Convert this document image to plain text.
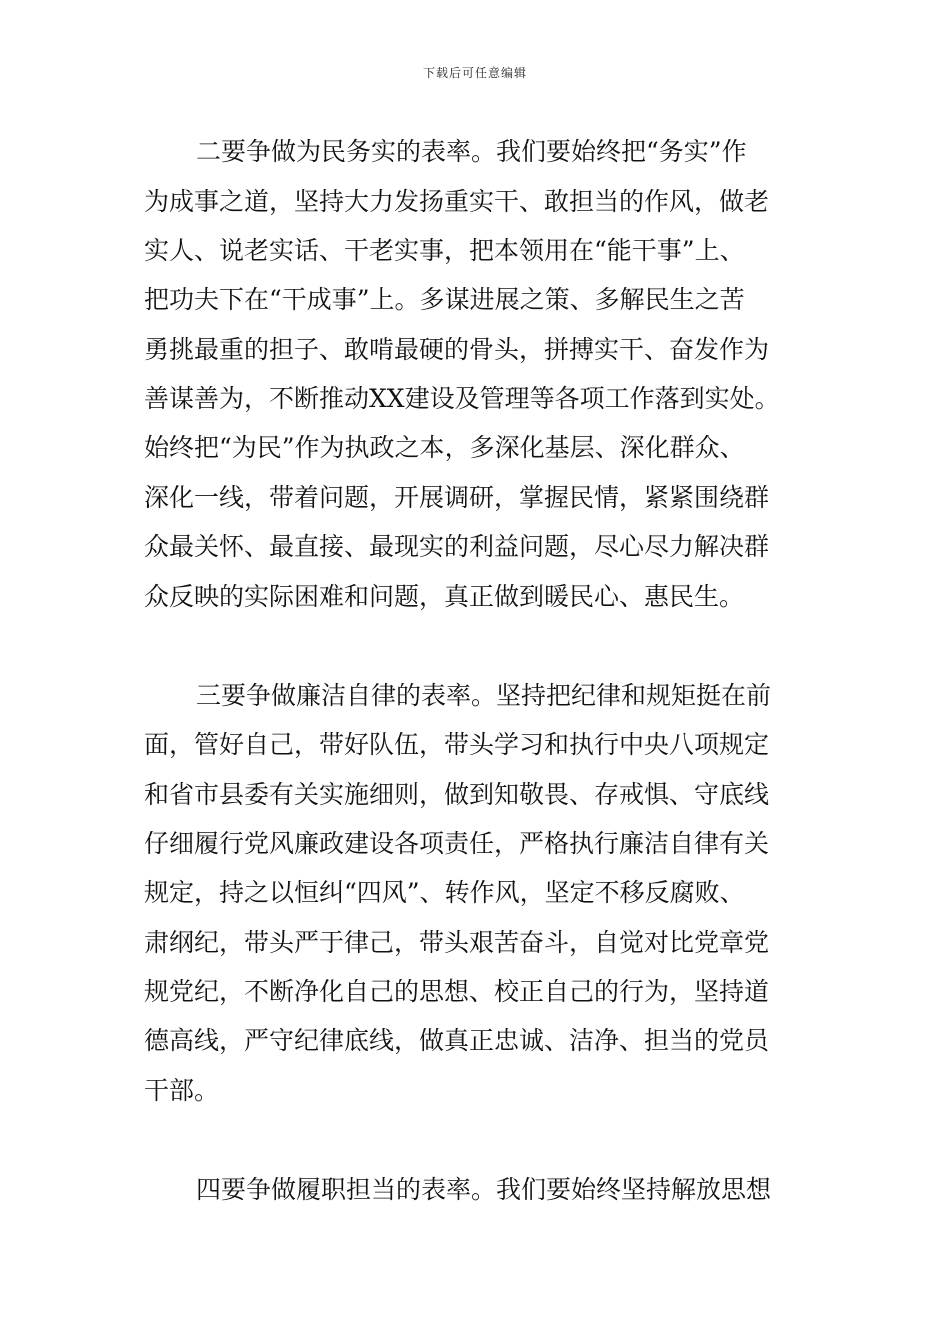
下载后可任意编辑
二要争做为民务实的表率。我们要始终把“务实”作
为成事之道，坚持大力发扬重实干、敢担当的作风，做老
实人、说老实话、干老实事，把本领用在“能干事”上、
把功夫下在“干成事”上。多谋进展之策、多解民生之苦
勇挑最重的担子、敢啃最硬的骨头，拼搏实干、奋发作为
善谋善为，不断推动XX建设及管理等各项工作落到实处。
始终把“为民”作为执政之本，多深化基层、深化群众、
深化一线，带着问题，开展调研，掌握民情，紧紧围绕群
众最关怀、最直接、最现实的利益问题，尽心尽力解决群
众反映的实际困难和问题，真正做到暖民心、惠民生。
三要争做廉洁自律的表率。坚持把纪律和规矩挺在前
面，管好自己，带好队伍，带头学习和执行中央八项规定
和省市县委有关实施细则，做到知敬畏、存戒惧、守底线
仔细履行党风廉政建设各项责任，严格执行廉洁自律有关
规定，持之以恒纠“四风”、转作风，坚定不移反腐败、
肃纲纪，带头严于律己，带头艰苦奋斗，自觉对比党章党
规党纪，不断净化自己的思想、校正自己的行为，坚持道
德高线，严守纪律底线，做真正忠诚、洁净、担当的党员
干部。
四要争做履职担当的表率。我们要始终坚持解放思想
